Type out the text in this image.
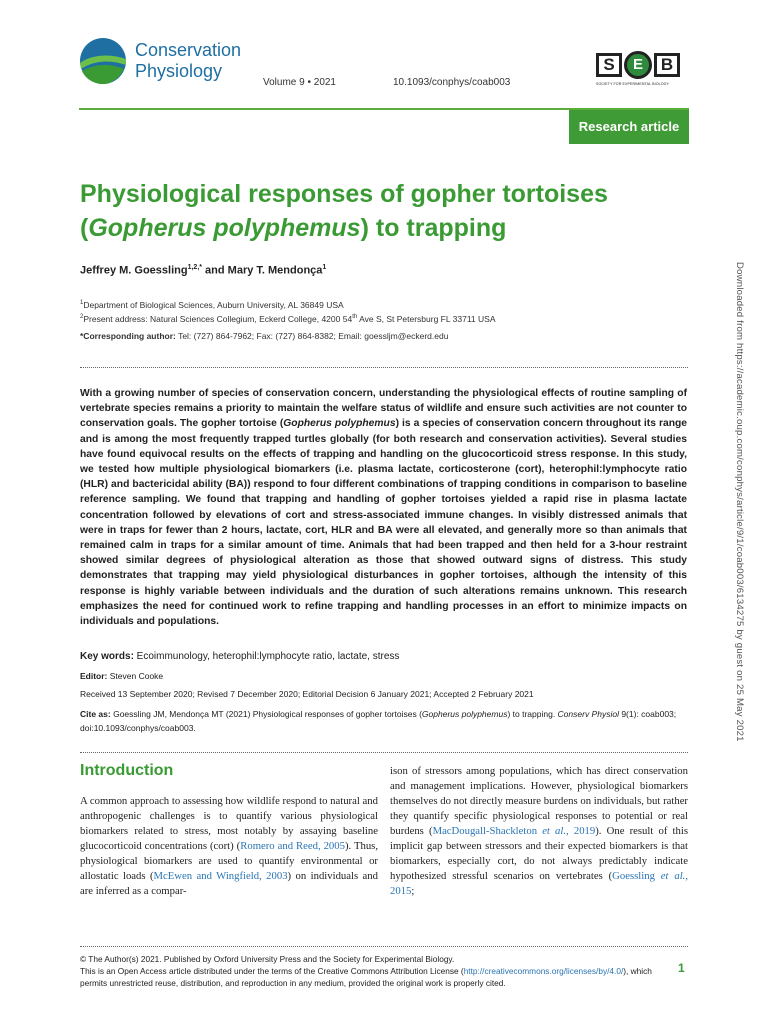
Conservation
Physiology
Volume 9 • 2021	10.1093/conphys/coab003
S	E	B
SOCIETY FOR EXPERIMENTAL BIOLOGY
Research article
Physiological responses of gopher tortoises (Gopherus polyphemus) to trapping
Jeffrey M. Goessling$^{1,2,*}$ and Mary T. Mendonça$^1$
$^1$Department of Biological Sciences, Auburn University, AL 36849 USA
$^2$Present address: Natural Sciences Collegium, Eckerd College, 4200 54th Ave S, St Petersburg FL 33711 USA
*Corresponding author: Tel: (727) 864-7962; Fax: (727) 864-8382; Email: goessljm@eckerd.edu

With a growing number of species of conservation concern, understanding the physiological effects of routine sampling of vertebrate species remains a priority to maintain the welfare status of wildlife and ensure such activities are not counter to conservation goals. The gopher tortoise (Gopherus polyphemus) is a species of conservation concern throughout its range and is among the most frequently trapped turtles globally (for both research and conservation activities). Several studies have found equivocal results on the effects of trapping and handling on the glucocorticoid stress response. In this study, we tested how multiple physiological biomarkers (i.e. plasma lactate, corticosterone (cort), heterophil:lymphocyte ratio (HLR) and bactericidal ability (BA)) respond to four different combinations of trapping conditions in comparison to baseline reference sampling. We found that trapping and handling of gopher tortoises yielded a rapid rise in plasma lactate concentration followed by elevations of cort and stress-associated immune changes. In visibly distressed animals that were in traps for fewer than 2 hours, lactate, cort, HLR and BA were all elevated, and generally more so than animals that remained calm in traps for a similar amount of time. Animals that had been trapped and then held for a 3-hour restraint showed similar degrees of physiological alteration as those that showed outward signs of distress. This study demonstrates that trapping may yield physiological disturbances in gopher tortoises, although the intensity of this response is highly variable between individuals and the duration of such alterations remains unknown. This research emphasizes the need for continued work to refine trapping and handling processes in an effort to minimize impacts on individuals and populations.

Key words: Ecoimmunology, heterophil:lymphocyte ratio, lactate, stress
Editor: Steven Cooke
Received 13 September 2020; Revised 7 December 2020; Editorial Decision 6 January 2021; Accepted 2 February 2021
Cite as: Goessling JM, Mendonça MT (2021) Physiological responses of gopher tortoises (Gopherus polyphemus) to trapping. Conserv Physiol 9(1): coab003; doi:10.1093/conphys/coab003.
Introduction

A common approach to assessing how wildlife respond to natural and anthropogenic challenges is to quantify various physiological biomarkers related to stress, most notably by assaying baseline glucocorticoid concentrations (cort) (Romero and Reed, 2005). Thus, physiological biomarkers are used to quantify environmental or allostatic loads (McEwen and Wingfield, 2003) on individuals and are inferred as a compar-

ison of stressors among populations, which has direct conservation and management implications. However, physiological biomarkers themselves do not directly measure burdens on individuals, but rather they quantify specific physiological responses to potential or real burdens (MacDougall-Shackleton et al., 2019). One result of this implicit gap between stressors and their expected biomarkers is that biomarkers, especially cort, do not always predictably indicate hypothesized stressful scenarios on vertebrates (Goessling et al., 2015;

© The Author(s) 2021. Published by Oxford University Press and the Society for Experimental Biology.
This is an Open Access article distributed under the terms of the Creative Commons Attribution License (http://creativecommons.org/licenses/by/4.0/), which permits unrestricted reuse, distribution, and reproduction in any medium, provided the original work is properly cited.
1
Downloaded from https://academic.oup.com/conphys/article/9/1/coab003/6134275 by guest on 25 May 2021
